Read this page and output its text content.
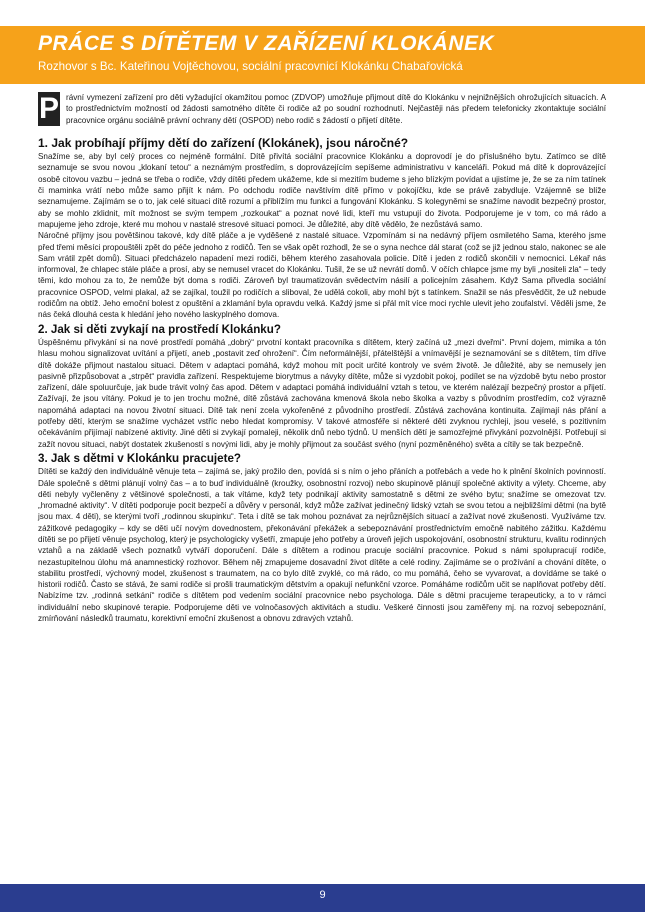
PRÁCE S DÍTĚTEM V ZAŘÍZENÍ KLOKÁNEK
Rozhovor s Bc. Kateřinou Vojtěchovou, sociální pracovnicí Klokánku Chabařovická
P rávní vymezení zařízení pro děti vyžadující okamžitou pomoc (ZDVOP) umožňuje přijmout dítě do Klokánku v nejnižnějších ohrožujících situacích. A to prostřednictvím možností od žádosti samotného dítěte či rodiče až po soudní rozhodnutí. Nejčastěji nás předem telefonicky zkontaktuje sociální pracovnice orgánu sociálně právní ochrany dětí (OSPOD) nebo rodič s žádostí o přijetí dítěte.
1. Jak probíhají příjmy dětí do zařízení (Klokánek), jsou náročné?

Snažíme se, aby byl celý proces co nejméně formální. Dítě přivítá sociální pracovnice Klokánku a doprovodí je do příslušného bytu. Zatímco se dítě seznamuje se svou novou „klokaní tetou“ a neznámým prostředím, s doprovázejícím sepíšeme administrativu v kanceláři. Pokud má dítě k doprovázející osobě citovou vazbu – jedná se třeba o rodiče, vždy dítěti předem ukážeme, kde si mezitím budeme s jeho blízkým povídat a ujistíme je, že se za ním tatínek či maminka vrátí nebo může samo přijít k nám. Po odchodu rodiče navštívím dítě přímo v pokojíčku, kde se právě zabydluje. Vzájemně se blíže seznamujeme. Zajímám se o to, jak celé situaci dítě rozumí a přiblížím mu funkci a fungování Klokánku. S kolegyněmi se snažíme navodit bezpečný prostor, aby se mohlo zklidnit, mít možnost se svým tempem „rozkoukat“ a poznat nové lidi, kteří mu vstupují do života. Podporujeme je v tom, co má rádo a mapujeme jeho zdroje, které mu mohou v nastalé stresové situaci pomoci. Je důležité, aby dítě vědělo, že nezůstává samo.

Náročné příjmy jsou povětšinou takové, kdy dítě pláče a je vyděšené z nastalé situace. Vzpomínám si na nedávný příjem osmiletého Sama, kterého jsme před třemi měsíci propouštěli zpět do péče jednoho z rodičů. Ten se však opět rozhodl, že se o syna nechce dál starat (což se již jednou stalo, nakonec se ale Sam vrátil zpět domů). Situaci předcházelo napadení mezi rodiči, během kterého zasahovala policie. Dítě i jeden z rodičů skončili v nemocnici. Lékař nás informoval, že chlapec stále pláče a prosí, aby se nemusel vracet do Klokánku. Tušil, že se už nevrátí domů. V očích chlapce jsme my byli „nositeli zla“ – tedy těmi, kdo mohou za to, že nemůže být doma s rodiči. Zároveň byl traumatizován svědectvím násilí a policejním zásahem. Když Sama přivedla sociální pracovnice OSPOD, velmi plakal, až se zajíkal, toužil po rodičích a sliboval, že udělá cokoli, aby mohl být s tatínkem. Snažil se nás přesvědčit, že už nebude rodičům na obtíž. Jeho emoční bolest z opuštění a zklamání byla opravdu velká. Každý jsme si přál mít více moci rychle ulevit jeho zoufalství. Věděli jsme, že nás čeká dlouhá cesta k hledání jeho nového laskyplného domova.

2. Jak si děti zvykají na prostředí Klokánku?

Úspěšnému přivykání si na nové prostředí pomáhá „dobrý“ prvotní kontakt pracovníka s dítětem, který začíná už „mezi dveřmi“. První dojem, mimika a tón hlasu mohou signalizovat uvítání a přijetí, aneb „postavit zeď ohrožení“. Čím neformálnější, přátelštější a vnímavější je seznamování se s dítětem, tím dříve dítě dokáže přijmout nastalou situaci. Dětem v adaptaci pomáhá, když mohou mít pocit určité kontroly ve svém životě. Je důležité, aby se nemusely jen pasivně přizpůsobovat a „strpět“ pravidla zařízení. Respektujeme biorytmus a návyky dítěte, může si vyzdobit pokoj, podílet se na výzdobě bytu nebo prostor zařízení, dále spoluurčuje, jak bude trávit volný čas apod. Dětem v adaptaci pomáhá individuální vztah s tetou, ve kterém nalézají bezpečný prostor a přijetí. Zažívají, že jsou vítány. Pokud je to jen trochu možné, dítě zůstává zachována kmenová škola nebo školka a vazby s původním prostředím, což výrazně napomáhá adaptaci na novou životní situaci. Dítě tak není zcela vykořeněné z původního prostředí. Zůstává zachována kontinuita. Zajímají nás přání a potřeby dětí, kterým se snažíme vycházet vstříc nebo hledat kompromisy. V takové atmosféře si některé děti zvyknou rychleji, jsou veselé, s pozitivním očekáváním přijímají nabízené aktivity. Jiné děti si zvykají pomaleji, několik dnů nebo týdnů. U menších dětí je samozřejmé přivykání pozvolnější. Potřebují si zažít novou situaci, nabýt dostatek zkušeností s novými lidi, aby je mohly přijmout za součást svého (nyní pozměněného) světa a cítily se tak bezpečně.

3. Jak s dětmi v Klokánku pracujete?

Dítěti se každý den individuálně věnuje teta – zajímá se, jaký prožilo den, povídá si s ním o jeho přáních a potřebách a vede ho k plnění školních povinností. Dále společně s dětmi plánují volný čas – a to buď individuálně (kroužky, osobnostní rozvoj) nebo skupinově plánují společné aktivity a výlety. Chceme, aby děti nebyly vyčleněny z většinové společnosti, a tak vítáme, když tety podnikají aktivity samostatně s dětmi ze svého bytu; snažíme se omezovat tzv. „hromadné aktivity“. V dítěti podporuje pocit bezpečí a důvěry v personál, když může zažívat jedinečný lidský vztah se svou tetou a nejbližšími dětmi (na bytě jsou max. 4 děti), se kterými tvoří „rodinnou skupinku“. Teta i dítě se tak mohou poznávat za nejrůznějších situací a zažívat nové zkušenosti. Využíváme tzv. zážitkové pedagogiky – kdy se děti učí novým dovednostem, překonávání překážek a sebepoznávání prostřednictvím emočně nabitého zážitku. Každému dítěti se po přijetí věnuje psycholog, který je psychologicky vyšetří, zmapuje jeho potřeby a úroveň jejich uspokojování, osobnostní strukturu, kvalitu rodinných vztahů a na základě všech poznatků vytváří doporučení. Dále s dítětem a rodinou pracuje sociální pracovnice. Pokud s námi spolupracují rodiče, nezastupitelnou úlohu má anamnestický rozhovor. Během něj zmapujeme dosavadní život dítěte a celé rodiny. Zajímáme se o prožívání a chování dítěte, o stabilitu prostředí, výchovný model, zkušenost s traumatem, na co bylo dítě zvyklé, co má rádo, co mu pomáhá, čeho se vyvarovat, a dovídáme se také o historii rodičů. Často se stává, že sami rodiče si prošli traumatickým dětstvím a opakují nefunkční vzorce. Pomáháme rodičům učit se naplňovat potřeby dětí. Nabízíme tzv. „rodinná setkání“ rodiče s dítětem pod vedením sociální pracovnice nebo psychologa. Dále s dětmi pracujeme terapeuticky, a to v rámci individuální nebo skupinové terapie. Podporujeme děti ve volnočasových aktivitách a studiu. Veškeré činnosti jsou zaměřeny mj. na rozvoj sebepoznání, zmírňování následků traumatu, korektivní emoční zkušenost a obnovu zdravých vztahů.

9
